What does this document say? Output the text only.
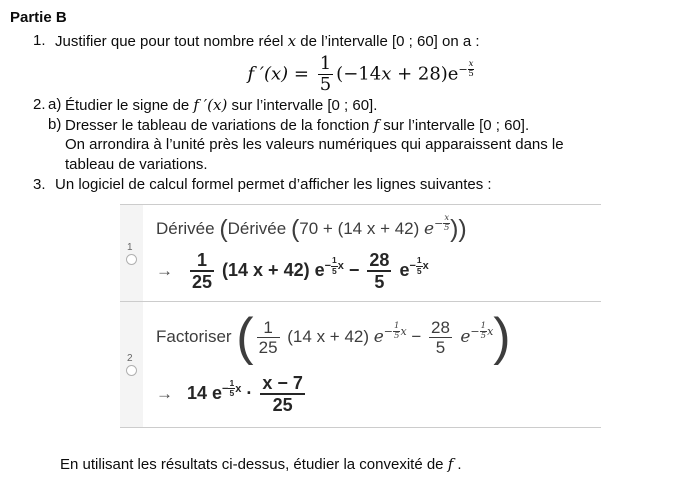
Partie B
1. Justifier que pour tout nombre réel x de l’intervalle [0 ; 60] on a :
f $'(x) = \frac{1}{5} (-14x + 28)e- \frac{x}{5}$
2. a) Étudier le signe de f ′(x) sur l’intervalle [0 ; 60].
b) Dresser le tableau de variations de la fonction f sur l’intervalle [0 ; 60].
On arrondira à l’unité près les valeurs numériques qui apparaissent dans le
tableau de variations.
3. Un logiciel de calcul formel permet d’afficher les lignes suivantes :
1
Dérivée (Dérivée (70 + (14 x + 42) $e- \frac{x}{5}$ ))
→ $\frac{1}{25} (14$ x + 42) $e- \frac{1}{5}$ $x - \frac{28}{5} e- \frac{1}{5}$ x
2
Factoriser ( $\frac{1}{25} (14$ x + 42) $e- \frac{1}{5}$ $x - \frac{28}{5} e- \frac{1}{5} x$)
→ 14 $e- \frac{1}{5}$ $x \cdot \frac{x - 7}{25}$
En utilisant les résultats ci-dessus, étudier la convexité de f .
